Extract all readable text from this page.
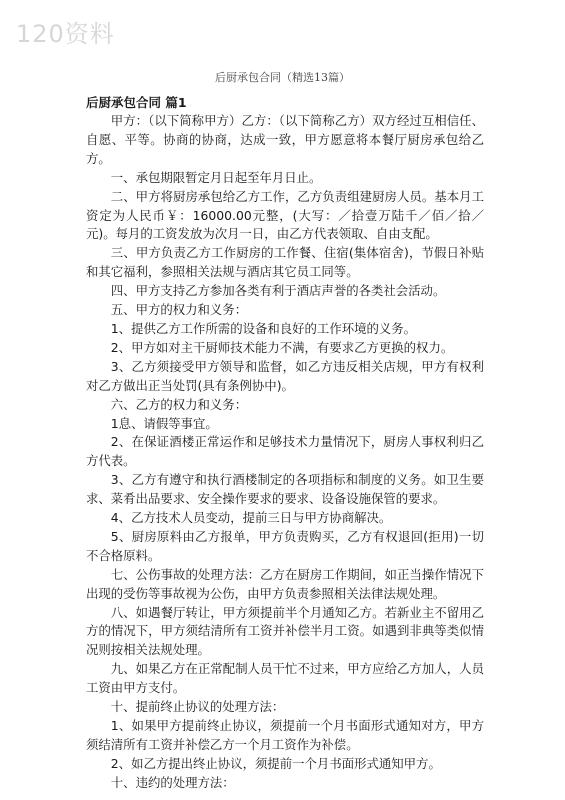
120资料
后厨承包合同（精选13篇）

后厨承包合同 篇1

甲方：（以下简称甲方）乙方：（以下简称乙方）双方经过互相信任、自愿、平等。协商的协商，达成一致，甲方愿意将本餐厅厨房承包给乙方。

一、承包期限暂定月日起至年月日止。

二、甲方将厨房承包给乙方工作，乙方负责组建厨房人员。基本月工资定为人民币￥：16000.00元整，(大写：／拾壹万陆千／佰／拾／元)。每月的工资发放为次月一日，由乙方代表领取、自由支配。

三、甲方负责乙方工作厨房的工作餐、住宿(集体宿舍)，节假日补贴和其它福利，参照相关法规与酒店其它员工同等。

四、甲方支持乙方参加各类有利于酒店声誉的各类社会活动。

五、甲方的权力和义务：

1、提供乙方工作所需的设备和良好的工作环境的义务。

2、甲方如对主干厨师技术能力不满，有要求乙方更换的权力。

3、乙方须接受甲方领导和监督，如乙方违反相关店规，甲方有权利对乙方做出正当处罚(具有条例协中)。

六、乙方的权力和义务：

1息、请假等事宜。

2、在保证酒楼正常运作和足够技术力量情况下，厨房人事权利归乙方代表。

3、乙方有遵守和执行酒楼制定的各项指标和制度的义务。如卫生要求、菜肴出品要求、安全操作要求的要求、设备设施保管的要求。

4、乙方技术人员变动，提前三日与甲方协商解决。

5、厨房原料由乙方报单，甲方负责购买，乙方有权退回(拒用)一切不合格原料。

七、公伤事故的处理方法：乙方在厨房工作期间，如正当操作情况下出现的受伤等事故视为公伤，由甲方负责参照相关法律法规处理。

八、如遇餐厅转让，甲方须提前半个月通知乙方。若新业主不留用乙方的情况下，甲方须结清所有工资并补偿半月工资。如遇到非典等类似情况则按相关法规处理。

九、如果乙方在正常配制人员干忙不过来，甲方应给乙方加人，人员工资由甲方支付。

十、提前终止协议的处理方法：

1、如果甲方提前终止协议，须提前一个月书面形式通知对方，甲方须结清所有工资并补偿乙方一个月工资作为补偿。

2、如乙方提出终止协议，须提前一个月书面形式通知甲方。

十、违约的处理方法：
